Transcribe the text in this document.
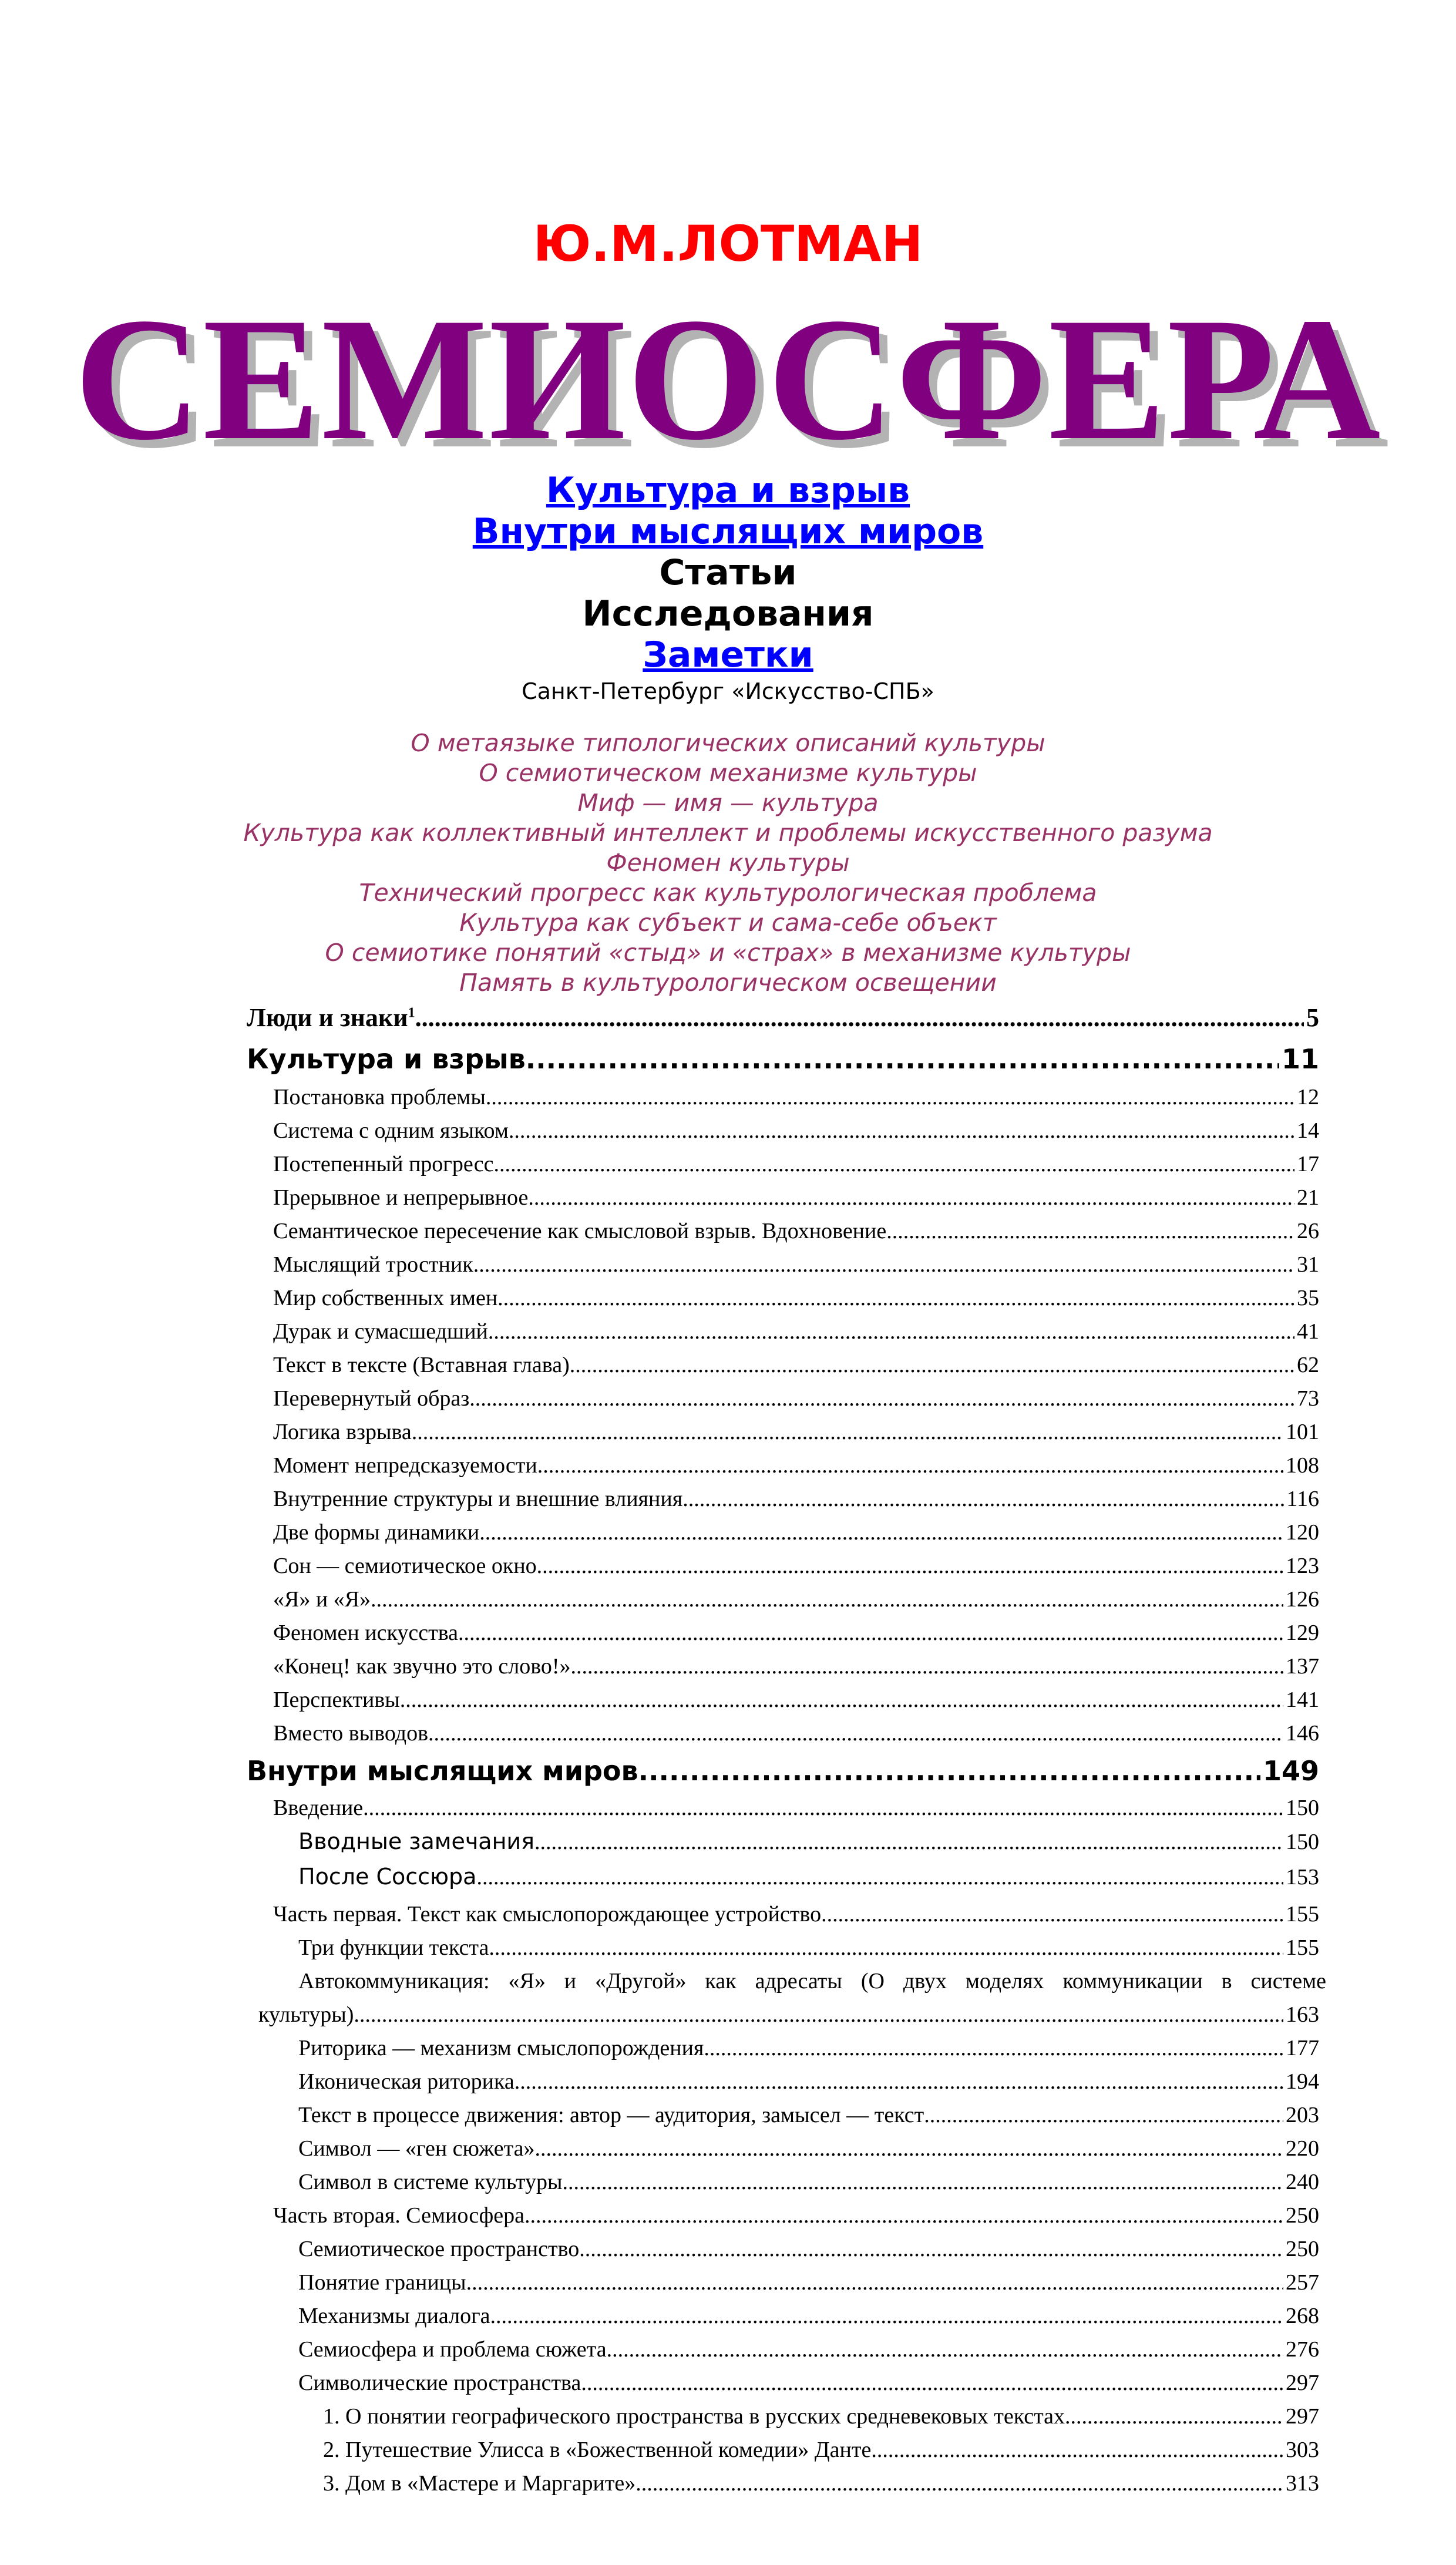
Ю.М.ЛОТМАН
СЕМИОСФЕРА
Культура и взрыв
Внутри мыслящих миров
Статьи
Исследования
Заметки
Санкт-Петербург «Искусство-СПБ»
О метаязыке типологических описаний культуры
О семиотическом механизме культуры
Миф — имя — культура
Культура как коллективный интеллект и проблемы искусственного разума
Феномен культуры
Технический прогресс как культурологическая проблема
Культура как субъект и сама-себе объект
О семиотике понятий «стыд» и «страх» в механизме культуры
Память в культурологическом освещении
Люди и знаки$^1$ .....	5
Культура и взрыв .....	11
Постановка проблемы .....	12
Система с одним языком .....	14
Постепенный прогресс .....	17
Прерывное и непрерывное .....	21
Семантическое пересечение как смысловой взрыв. Вдохновение .....	26
Мыслящий тростник .....	31
Мир собственных имен .....	35
Дурак и сумасшедший .....	41
Текст в тексте (Вставная глава) .....	62
Перевернутый образ .....	73
Логика взрыва .....	101
Момент непредсказуемости .....	108
Внутренние структуры и внешние влияния .....	116
Две формы динамики .....	120
Сон — семиотическое окно .....	123
«Я» и «Я» .....	126
Феномен искусства .....	129
«Конец! как звучно это слово!» .....	137
Перспективы .....	141
Вместо выводов .....	146
Внутри мыслящих миров .....	149
Введение .....	150
Вводные замечания .....	150
После Соссюра .....	153
Часть первая. Текст как смыслопорождающее устройство .....	155
Три функции текста .....	155
Автокоммуникация: «Я» и «Другой» как адресаты (О двух моделях коммуникации в системе
культуры) .....	163
Риторика — механизм смыслопорождения .....	177
Иконическая риторика .....	194
Текст в процессе движения: автор — аудитория, замысел — текст .....	203
Символ — «ген сюжета» .....	220
Символ в системе культуры .....	240
Часть вторая. Семиосфера .....	250
Семиотическое пространство .....	250
Понятие границы .....	257
Механизмы диалога .....	268
Семиосфера и проблема сюжета .....	276
Символические пространства .....	297
1. О понятии географического пространства в русских средневековых текстах .....	297
2. Путешествие Улисса в «Божественной комедии» Данте .....	303
3. Дом в «Мастере и Маргарите» .....	313
